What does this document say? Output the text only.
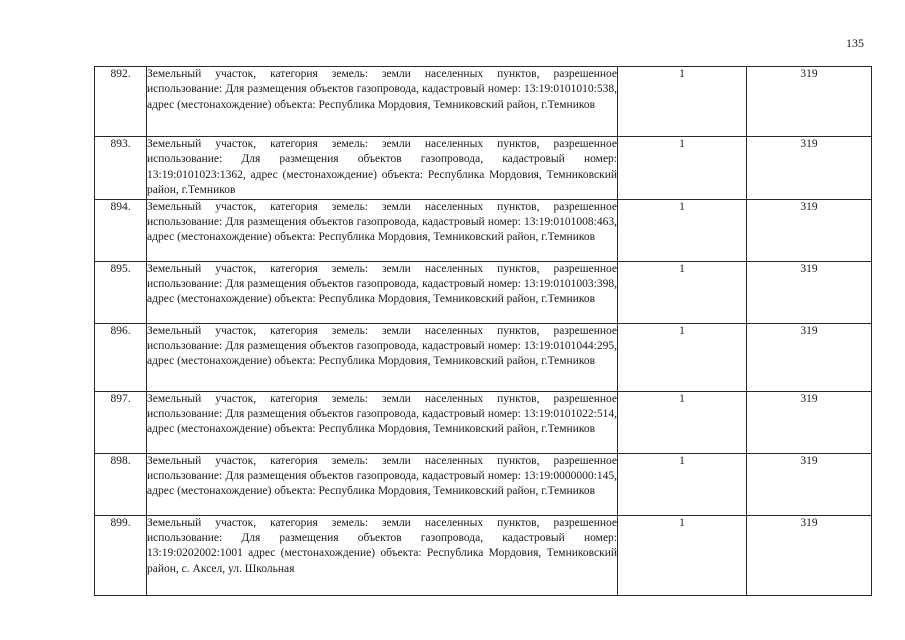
135
892.	Земельный участок, категория земель: земли населенных пунктов, разрешенное использование: Для размещения объектов газопровода, кадастровый номер: 13:19:0101010:538, адрес (местонахождение) объекта: Республика Мордовия, Темниковский район, г.Темников	1	319
893.	Земельный участок, категория земель: земли населенных пунктов, разрешенное использование: Для размещения объектов газопровода, кадастровый номер: 13:19:0101023:1362, адрес (местонахождение) объекта: Республика Мордовия, Темниковский район, г.Темников	1	319
894.	Земельный участок, категория земель: земли населенных пунктов, разрешенное использование: Для размещения объектов газопровода, кадастровый номер: 13:19:0101008:463, адрес (местонахождение) объекта: Республика Мордовия, Темниковский район, г.Темников	1	319
895.	Земельный участок, категория земель: земли населенных пунктов, разрешенное использование: Для размещения объектов газопровода, кадастровый номер: 13:19:0101003:398, адрес (местонахождение) объекта: Республика Мордовия, Темниковский район, г.Темников	1	319
896.	Земельный участок, категория земель: земли населенных пунктов, разрешенное использование: Для размещения объектов газопровода, кадастровый номер: 13:19:0101044:295, адрес (местонахождение) объекта: Республика Мордовия, Темниковский район, г.Темников	1	319
897.	Земельный участок, категория земель: земли населенных пунктов, разрешенное использование: Для размещения объектов газопровода, кадастровый номер: 13:19:0101022:514, адрес (местонахождение) объекта: Республика Мордовия, Темниковский район, г.Темников	1	319
898.	Земельный участок, категория земель: земли населенных пунктов, разрешенное использование: Для размещения объектов газопровода, кадастровый номер: 13:19:0000000:145, адрес (местонахождение) объекта: Республика Мордовия, Темниковский район, г.Темников	1	319
899.	Земельный участок, категория земель: земли населенных пунктов, разрешенное использование: Для размещения объектов газопровода, кадастровый номер: 13:19:0202002:1001 адрес (местонахождение) объекта: Республика Мордовия, Темниковский район, с. Аксел, ул. Школьная	1	319
